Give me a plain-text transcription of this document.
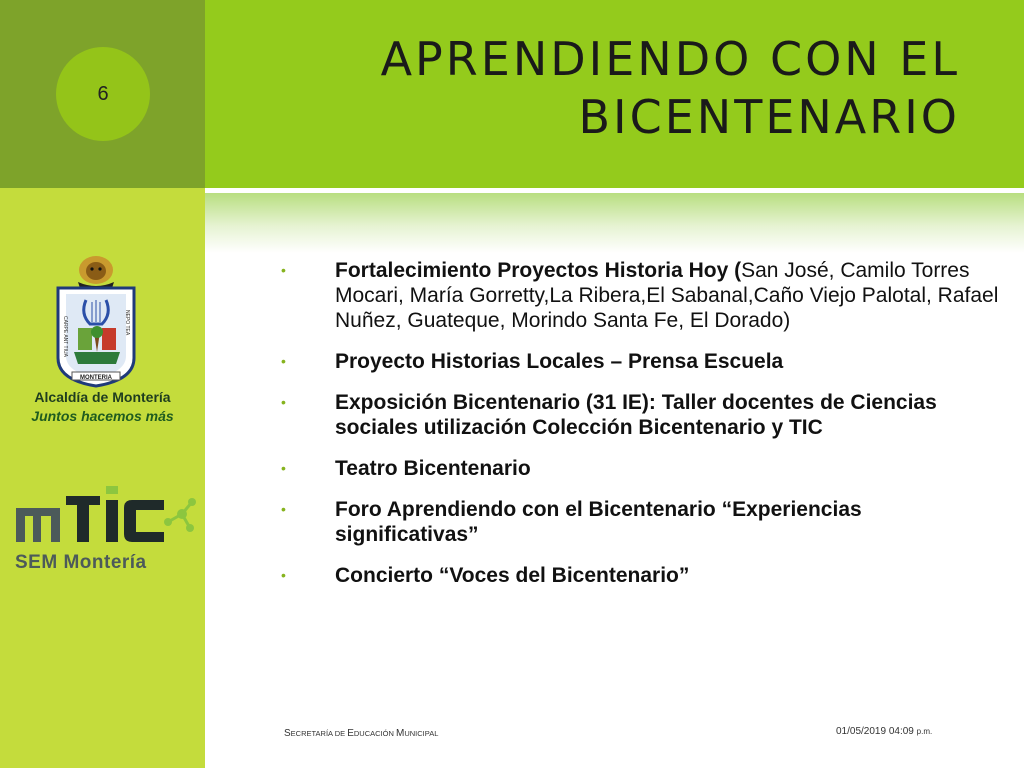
6
MONTERIA
CARPE ANT TIUA	NEPO TEA
Alcaldía de Montería
Juntos hacemos más
SEM Montería
APRENDIENDO CON EL
BICENTENARIO
• Fortalecimiento Proyectos Historia Hoy (San José, Camilo Torres Mocari, María Gorretty,La Ribera,El Sabanal,Caño Viejo Palotal, Rafael Nuñez, Guateque, Morindo Santa Fe, El Dorado)
• Proyecto Historias Locales – Prensa Escuela
• Exposición Bicentenario (31 IE): Taller docentes de Ciencias sociales utilización Colección Bicentenario y TIC
• Teatro Bicentenario
• Foro Aprendiendo con el Bicentenario “Experiencias significativas”
• Concierto “Voces del Bicentenario”
SECRETARÍA DE EDUCACIÓN MUNICIPAL	01/05/2019 04:09 p.m.
